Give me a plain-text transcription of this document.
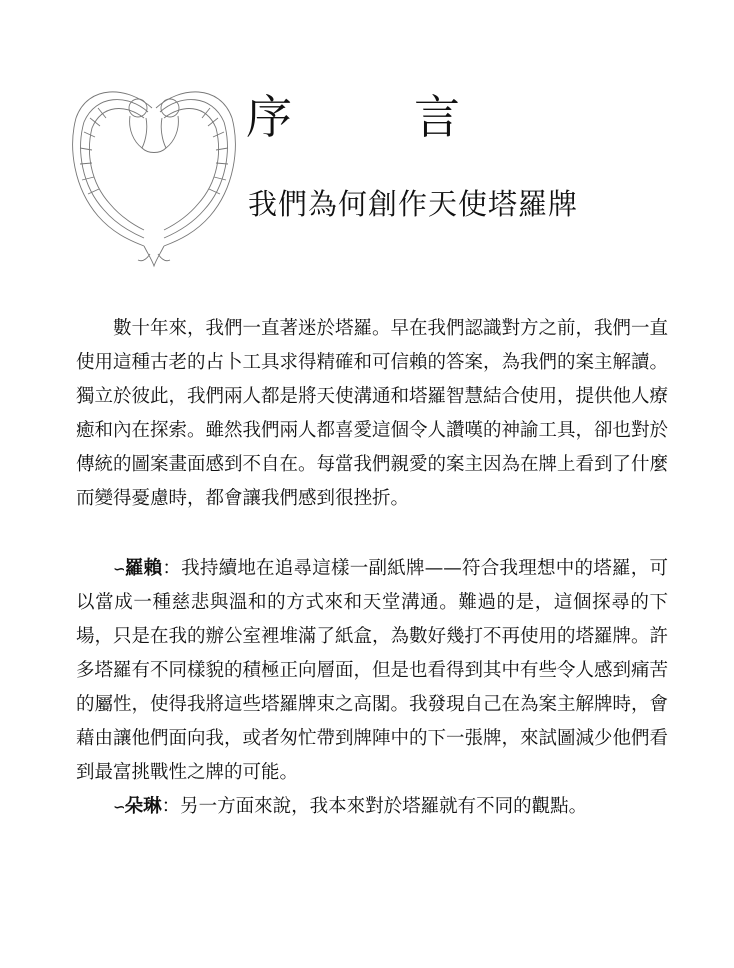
序　言
我們為何創作天使塔羅牌

數十年來，我們一直著迷於塔羅。早在我們認識對方之前，我們一直使用這種古老的占卜工具求得精確和可信賴的答案，為我們的案主解讀。獨立於彼此，我們兩人都是將天使溝通和塔羅智慧結合使用，提供他人療癒和內在探索。雖然我們兩人都喜愛這個令人讚嘆的神諭工具，卻也對於傳統的圖案畫面感到不自在。每當我們親愛的案主因為在牌上看到了什麼而變得憂慮時，都會讓我們感到很挫折。

∽羅賴：我持續地在追尋這樣一副紙牌——符合我理想中的塔羅，可以當成一種慈悲與溫和的方式來和天堂溝通。難過的是，這個探尋的下場，只是在我的辦公室裡堆滿了紙盒，為數好幾打不再使用的塔羅牌。許多塔羅有不同樣貌的積極正向層面，但是也看得到其中有些令人感到痛苦的屬性，使得我將這些塔羅牌束之高閣。我發現自己在為案主解牌時，會藉由讓他們面向我，或者匆忙帶到牌陣中的下一張牌，來試圖減少他們看到最富挑戰性之牌的可能。

∽朵琳：另一方面來說，我本來對於塔羅就有不同的觀點。
